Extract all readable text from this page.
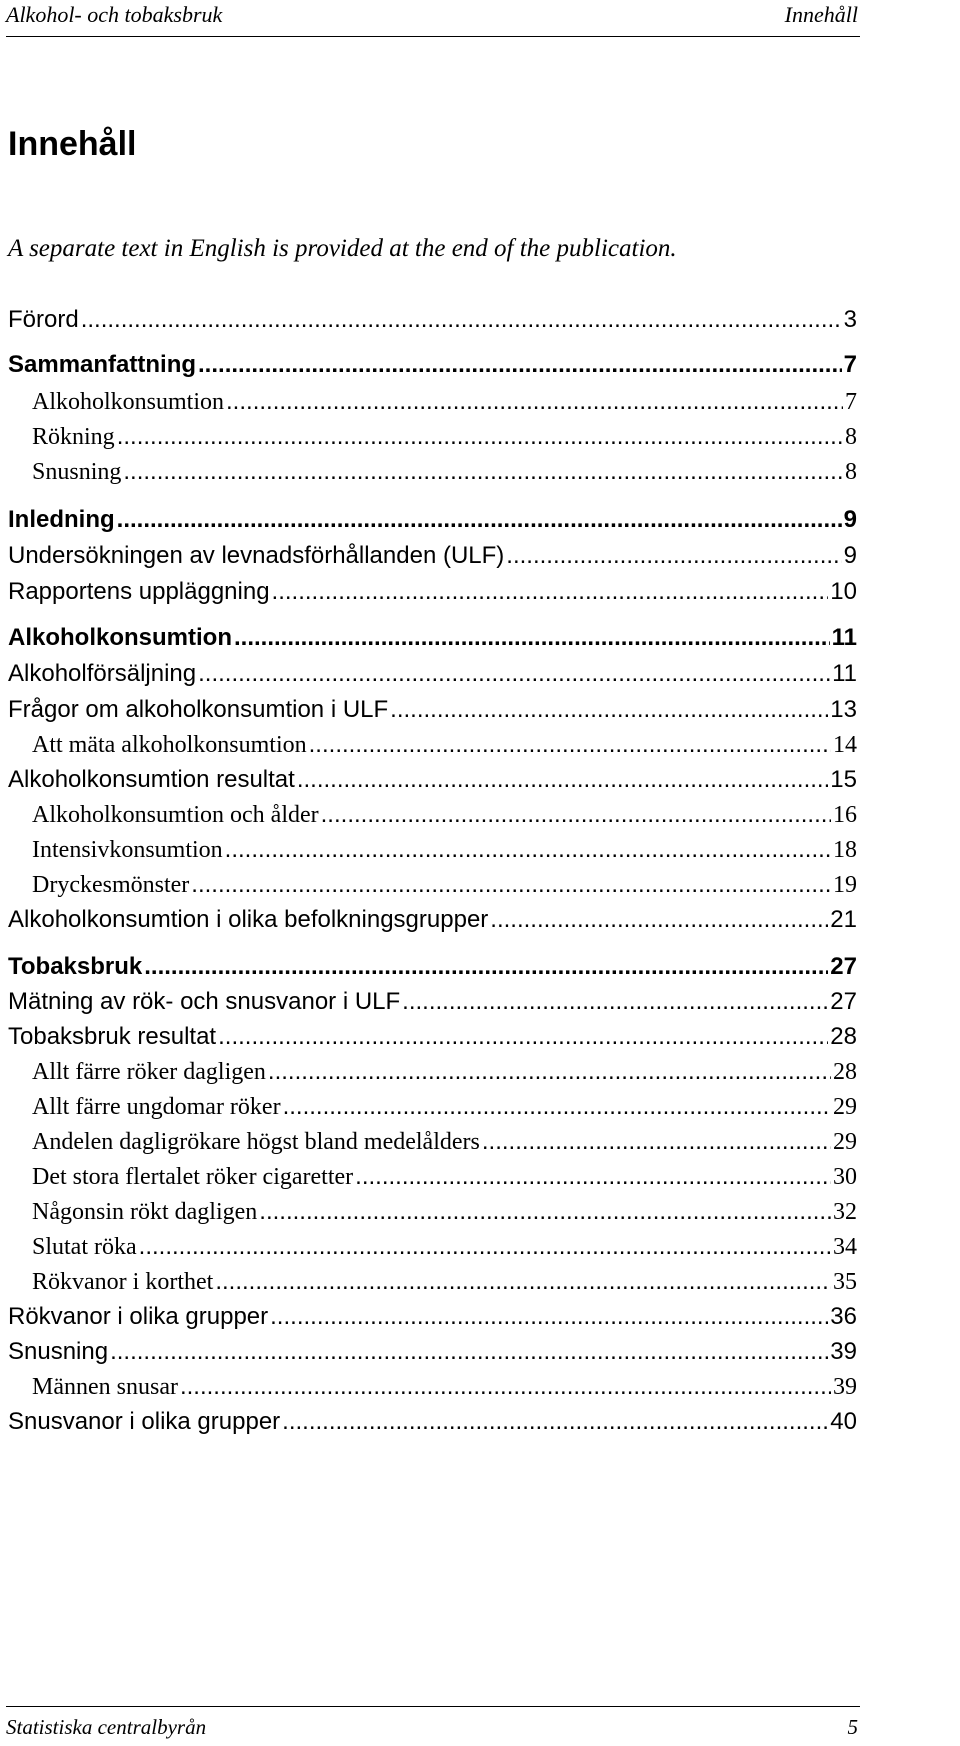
Alkohol- och tobaksbruk	Innehåll
Innehåll
A separate text in English is provided at the end of the publication.
Förord .....	3
Sammanfattning .....	7
Alkoholkonsumtion .....	7
Rökning .....	8
Snusning .....	8
Inledning .....	9
Undersökningen av levnadsförhållanden (ULF) .....	9
Rapportens uppläggning .....	10
Alkoholkonsumtion .....	11
Alkoholförsäljning .....	11
Frågor om alkoholkonsumtion i ULF .....	13
Att mäta alkoholkonsumtion .....	14
Alkoholkonsumtion resultat .....	15
Alkoholkonsumtion och ålder .....	16
Intensivkonsumtion .....	18
Dryckesmönster .....	19
Alkoholkonsumtion i olika befolkningsgrupper .....	21
Tobaksbruk .....	27
Mätning av rök- och snusvanor i ULF .....	27
Tobaksbruk resultat .....	28
Allt färre röker dagligen .....	28
Allt färre ungdomar röker .....	29
Andelen dagligrökare högst bland medelålders .....	29
Det stora flertalet röker cigaretter .....	30
Någonsin rökt dagligen .....	32
Slutat röka .....	34
Rökvanor i korthet .....	35
Rökvanor i olika grupper .....	36
Snusning .....	39
Männen snusar .....	39
Snusvanor i olika grupper .....	40
Statistiska centralbyrån	5
